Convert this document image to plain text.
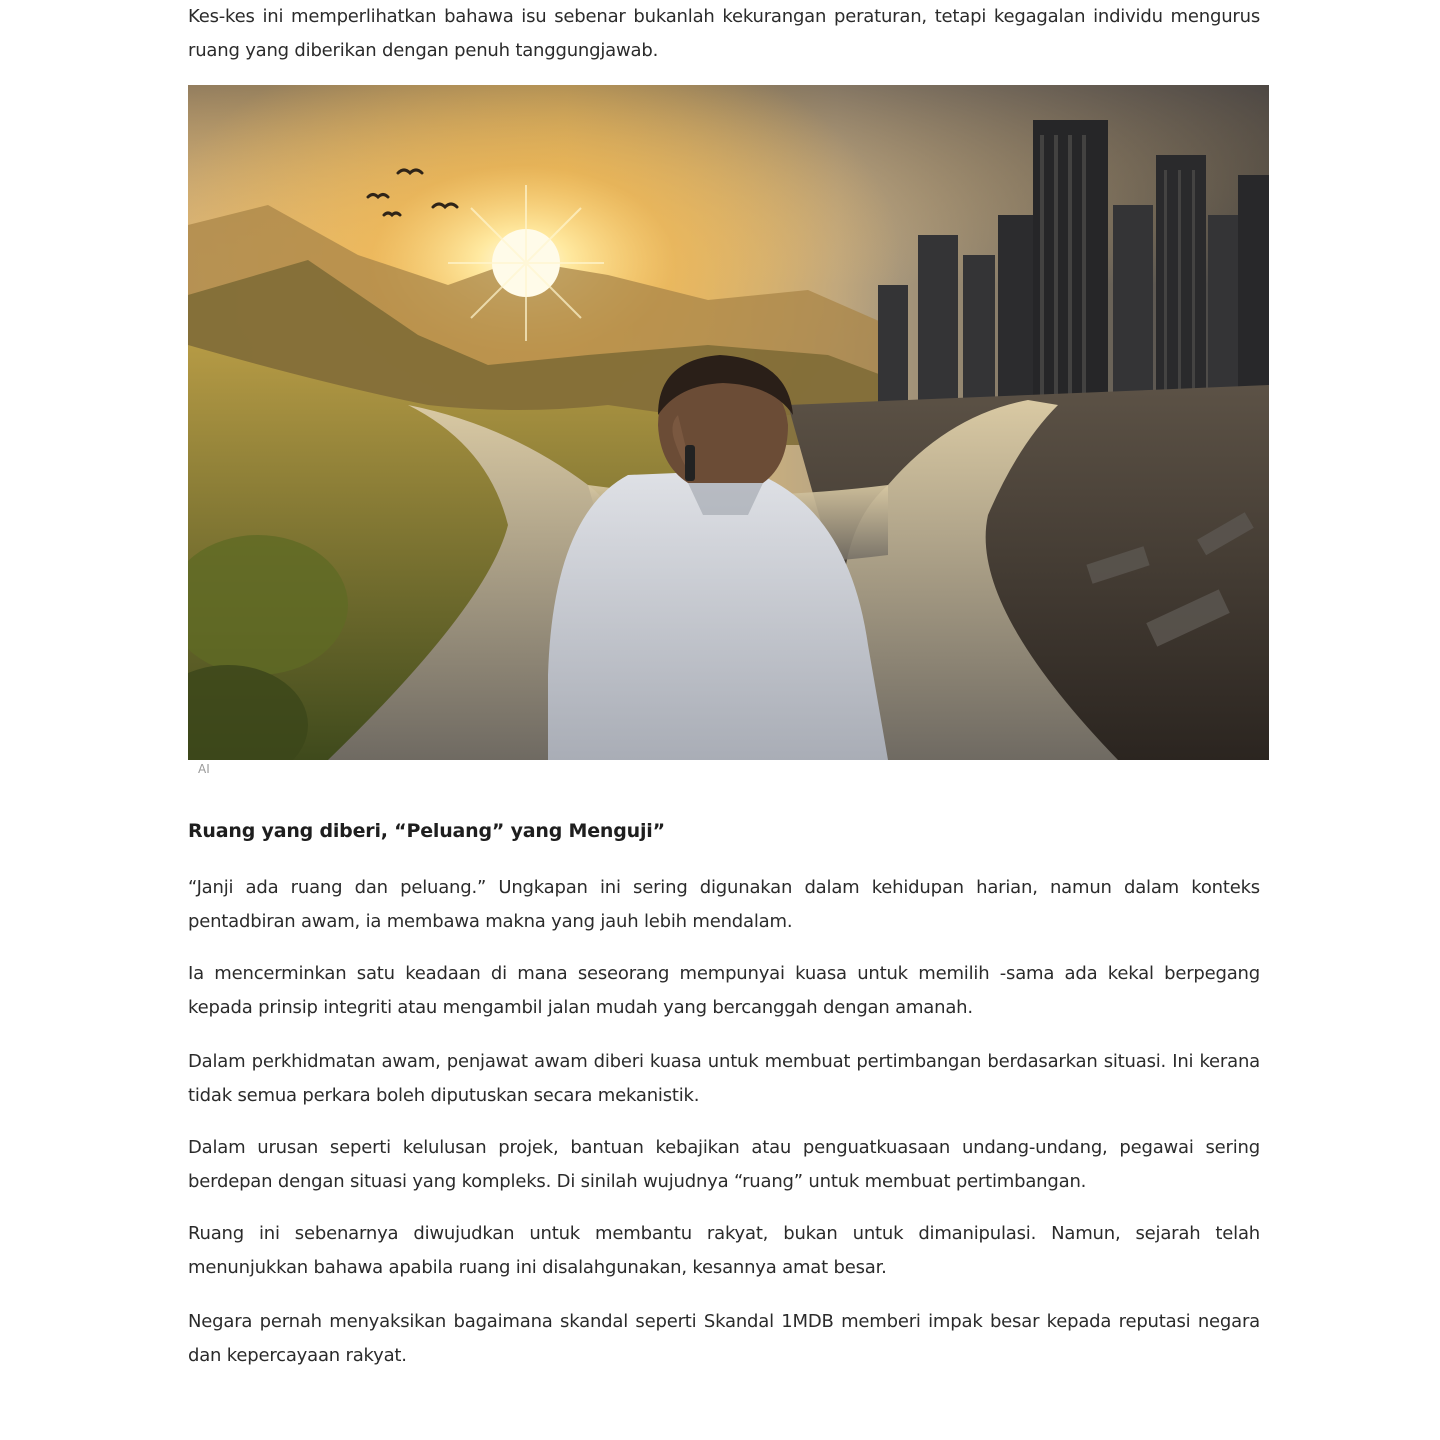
Kes-kes ini memperlihatkan bahawa isu sebenar bukanlah kekurangan peraturan, tetapi kegagalan individu mengurus ruang yang diberikan dengan penuh tanggungjawab.

AI
Ruang yang diberi, “Peluang” yang Menguji”

“Janji ada ruang dan peluang.” Ungkapan ini sering digunakan dalam kehidupan harian, namun dalam konteks pentadbiran awam, ia membawa makna yang jauh lebih mendalam.

Ia mencerminkan satu keadaan di mana seseorang mempunyai kuasa untuk memilih -sama ada kekal berpegang kepada prinsip integriti atau mengambil jalan mudah yang bercanggah dengan amanah.

Dalam perkhidmatan awam, penjawat awam diberi kuasa untuk membuat pertimbangan berdasarkan situasi. Ini kerana tidak semua perkara boleh diputuskan secara mekanistik.

Dalam urusan seperti kelulusan projek, bantuan kebajikan atau penguatkuasaan undang-undang, pegawai sering berdepan dengan situasi yang kompleks. Di sinilah wujudnya “ruang” untuk membuat pertimbangan.

Ruang ini sebenarnya diwujudkan untuk membantu rakyat, bukan untuk dimanipulasi. Namun, sejarah telah menunjukkan bahawa apabila ruang ini disalahgunakan, kesannya amat besar.

Negara pernah menyaksikan bagaimana skandal seperti Skandal 1MDB memberi impak besar kepada reputasi negara dan kepercayaan rakyat.
